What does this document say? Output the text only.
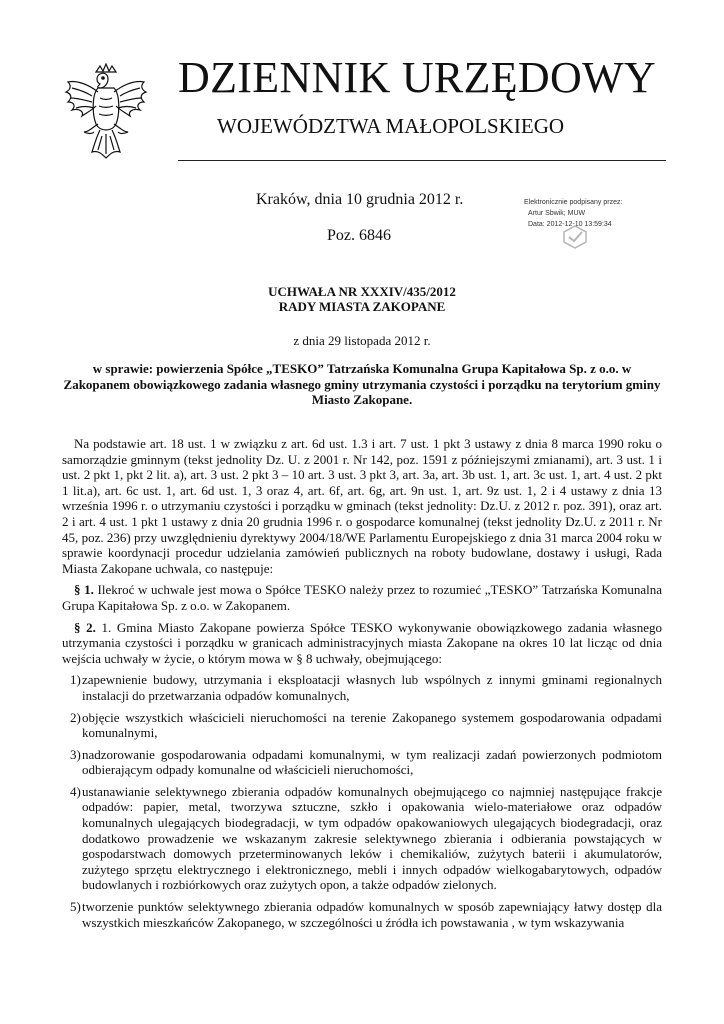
DZIENNIK URZĘDOWY
WOJEWÓDZTWA MAŁOPOLSKIEGO
Kraków, dnia 10 grudnia 2012 r.
Poz. 6846
Elektronicznie podpisany przez:
Artur Sbwik; MUW
Data: 2012-12-10 13:59:34
UCHWAŁA NR XXXIV/435/2012
RADY MIASTA ZAKOPANE
z dnia 29 listopada 2012 r.
w sprawie: powierzenia Spółce „TESKO” Tatrzańska Komunalna Grupa Kapitałowa Sp. z o.o. w Zakopanem obowiązkowego zadania własnego gminy utrzymania czystości i porządku na terytorium gminy Miasto Zakopane.

Na podstawie art. 18 ust. 1 w związku z art. 6d ust. 1.3 i art. 7 ust. 1 pkt 3 ustawy z dnia 8 marca 1990 roku o samorządzie gminnym (tekst jednolity Dz. U. z 2001 r. Nr 142, poz. 1591 z późniejszymi zmianami), art. 3 ust. 1 i ust. 2 pkt 1, pkt 2 lit. a), art. 3 ust. 2 pkt 3 – 10 art. 3 ust. 3 pkt 3, art. 3a, art. 3b ust. 1, art. 3c ust. 1, art. 4 ust. 2 pkt 1 lit.a), art. 6c ust. 1, art. 6d ust. 1, 3 oraz 4, art. 6f, art. 6g, art. 9n ust. 1, art. 9z ust. 1, 2 i 4 ustawy z dnia 13 września 1996 r. o utrzymaniu czystości i porządku w gminach (tekst jednolity: Dz.U. z 2012 r. poz. 391), oraz art. 2 i art. 4 ust. 1 pkt 1 ustawy z dnia 20 grudnia 1996 r. o gospodarce komunalnej (tekst jednolity Dz.U. z 2011 r. Nr 45, poz. 236) przy uwzględnieniu dyrektywy 2004/18/WE Parlamentu Europejskiego z dnia 31 marca 2004 roku w sprawie koordynacji procedur udzielania zamówień publicznych na roboty budowlane, dostawy i usługi, Rada Miasta Zakopane uchwala, co następuje:

§ 1. Ilekroć w uchwale jest mowa o Spółce TESKO należy przez to rozumieć „TESKO” Tatrzańska Komunalna Grupa Kapitałowa Sp. z o.o. w Zakopanem.

§ 2. 1. Gmina Miasto Zakopane powierza Spółce TESKO wykonywanie obowiązkowego zadania własnego utrzymania czystości i porządku w granicach administracyjnych miasta Zakopane na okres 10 lat licząc od dnia wejścia uchwały w życie, o którym mowa w § 8 uchwały, obejmującego:

1) zapewnienie budowy, utrzymania i eksploatacji własnych lub wspólnych z innymi gminami regionalnych instalacji do przetwarzania odpadów komunalnych,
2) objęcie wszystkich właścicieli nieruchomości na terenie Zakopanego systemem gospodarowania odpadami komunalnymi,
3) nadzorowanie gospodarowania odpadami komunalnymi, w tym realizacji zadań powierzonych podmiotom odbierającym odpady komunalne od właścicieli nieruchomości,
4) ustanawianie selektywnego zbierania odpadów komunalnych obejmującego co najmniej następujące frakcje odpadów: papier, metal, tworzywa sztuczne, szkło i opakowania wielo-materiałowe oraz odpadów komunalnych ulegających biodegradacji, w tym odpadów opakowaniowych ulegających biodegradacji, oraz dodatkowo prowadzenie we wskazanym zakresie selektywnego zbierania i odbierania powstających w gospodarstwach domowych przeterminowanych leków i chemikaliów, zużytych baterii i akumulatorów, zużytego sprzętu elektrycznego i elektronicznego, mebli i innych odpadów wielkogabarytowych, odpadów budowlanych i rozbiórkowych oraz zużytych opon, a także odpadów zielonych.
5) tworzenie punktów selektywnego zbierania odpadów komunalnych w sposób zapewniający łatwy dostęp dla wszystkich mieszkańców Zakopanego, w szczególności u źródła ich powstawania , w tym wskazywania
